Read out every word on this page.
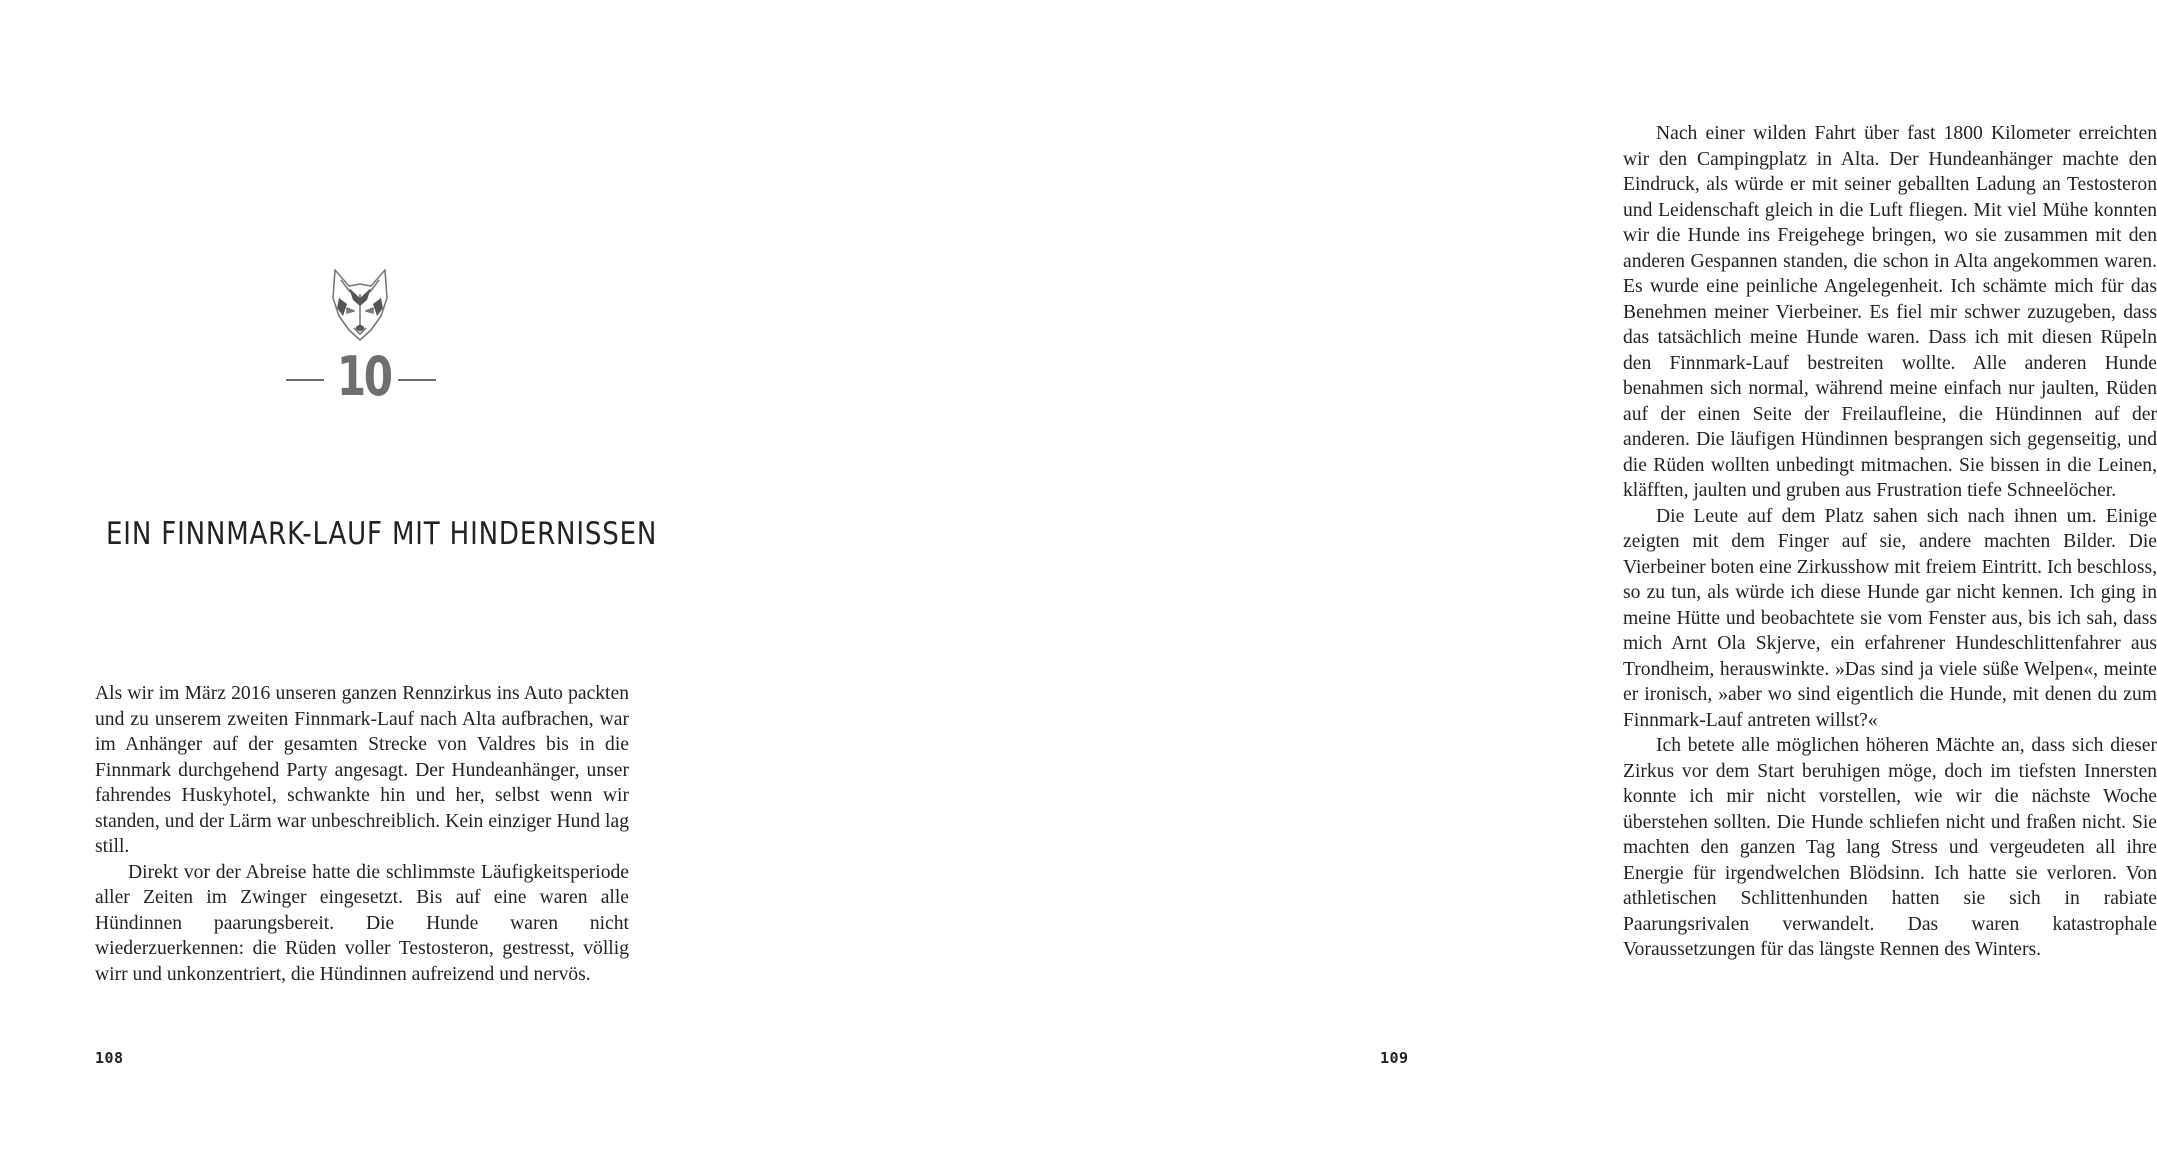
10
EIN FINNMARK-LAUF MIT HINDERNISSEN

Als wir im März 2016 unseren ganzen Rennzirkus ins Auto packten und zu unserem zweiten Finnmark-Lauf nach Alta aufbrachen, war im Anhänger auf der gesamten Strecke von Valdres bis in die Finnmark durchgehend Party angesagt. Der Hundeanhänger, unser fahrendes Huskyhotel, schwankte hin und her, selbst wenn wir standen, und der Lärm war unbeschreiblich. Kein einziger Hund lag still.

Direkt vor der Abreise hatte die schlimmste Läufigkeitsperiode aller Zeiten im Zwinger eingesetzt. Bis auf eine waren alle Hündinnen paarungsbereit. Die Hunde waren nicht wiederzuerkennen: die Rüden voller Testosteron, gestresst, völlig wirr und unkonzentriert, die Hündinnen aufreizend und nervös.

108

Nach einer wilden Fahrt über fast 1800 Kilometer erreichten wir den Campingplatz in Alta. Der Hundeanhänger machte den Eindruck, als würde er mit seiner geballten Ladung an Testosteron und Leidenschaft gleich in die Luft fliegen. Mit viel Mühe konnten wir die Hunde ins Freigehege bringen, wo sie zusammen mit den anderen Gespannen standen, die schon in Alta angekommen waren. Es wurde eine peinliche Angelegenheit. Ich schämte mich für das Benehmen meiner Vierbeiner. Es fiel mir schwer zuzugeben, dass das tatsächlich meine Hunde waren. Dass ich mit diesen Rüpeln den Finnmark-Lauf bestreiten wollte. Alle anderen Hunde benahmen sich normal, während meine einfach nur jaulten, Rüden auf der einen Seite der Freilaufleine, die Hündinnen auf der anderen. Die läufigen Hündinnen besprangen sich gegenseitig, und die Rüden wollten unbedingt mitmachen. Sie bissen in die Leinen, kläfften, jaulten und gruben aus Frustration tiefe Schneelöcher.

Die Leute auf dem Platz sahen sich nach ihnen um. Einige zeigten mit dem Finger auf sie, andere machten Bilder. Die Vierbeiner boten eine Zirkusshow mit freiem Eintritt. Ich beschloss, so zu tun, als würde ich diese Hunde gar nicht kennen. Ich ging in meine Hütte und beobachtete sie vom Fenster aus, bis ich sah, dass mich Arnt Ola Skjerve, ein erfahrener Hundeschlittenfahrer aus Trondheim, herauswinkte. »Das sind ja viele süße Welpen«, meinte er ironisch, »aber wo sind eigentlich die Hunde, mit denen du zum Finnmark-Lauf antreten willst?«

Ich betete alle möglichen höheren Mächte an, dass sich dieser Zirkus vor dem Start beruhigen möge, doch im tiefsten Innersten konnte ich mir nicht vorstellen, wie wir die nächste Woche überstehen sollten. Die Hunde schliefen nicht und fraßen nicht. Sie machten den ganzen Tag lang Stress und vergeudeten all ihre Energie für irgendwelchen Blödsinn. Ich hatte sie verloren. Von athletischen Schlittenhunden hatten sie sich in rabiate Paarungsrivalen verwandelt. Das waren katastrophale Voraussetzungen für das längste Rennen des Winters.

109
